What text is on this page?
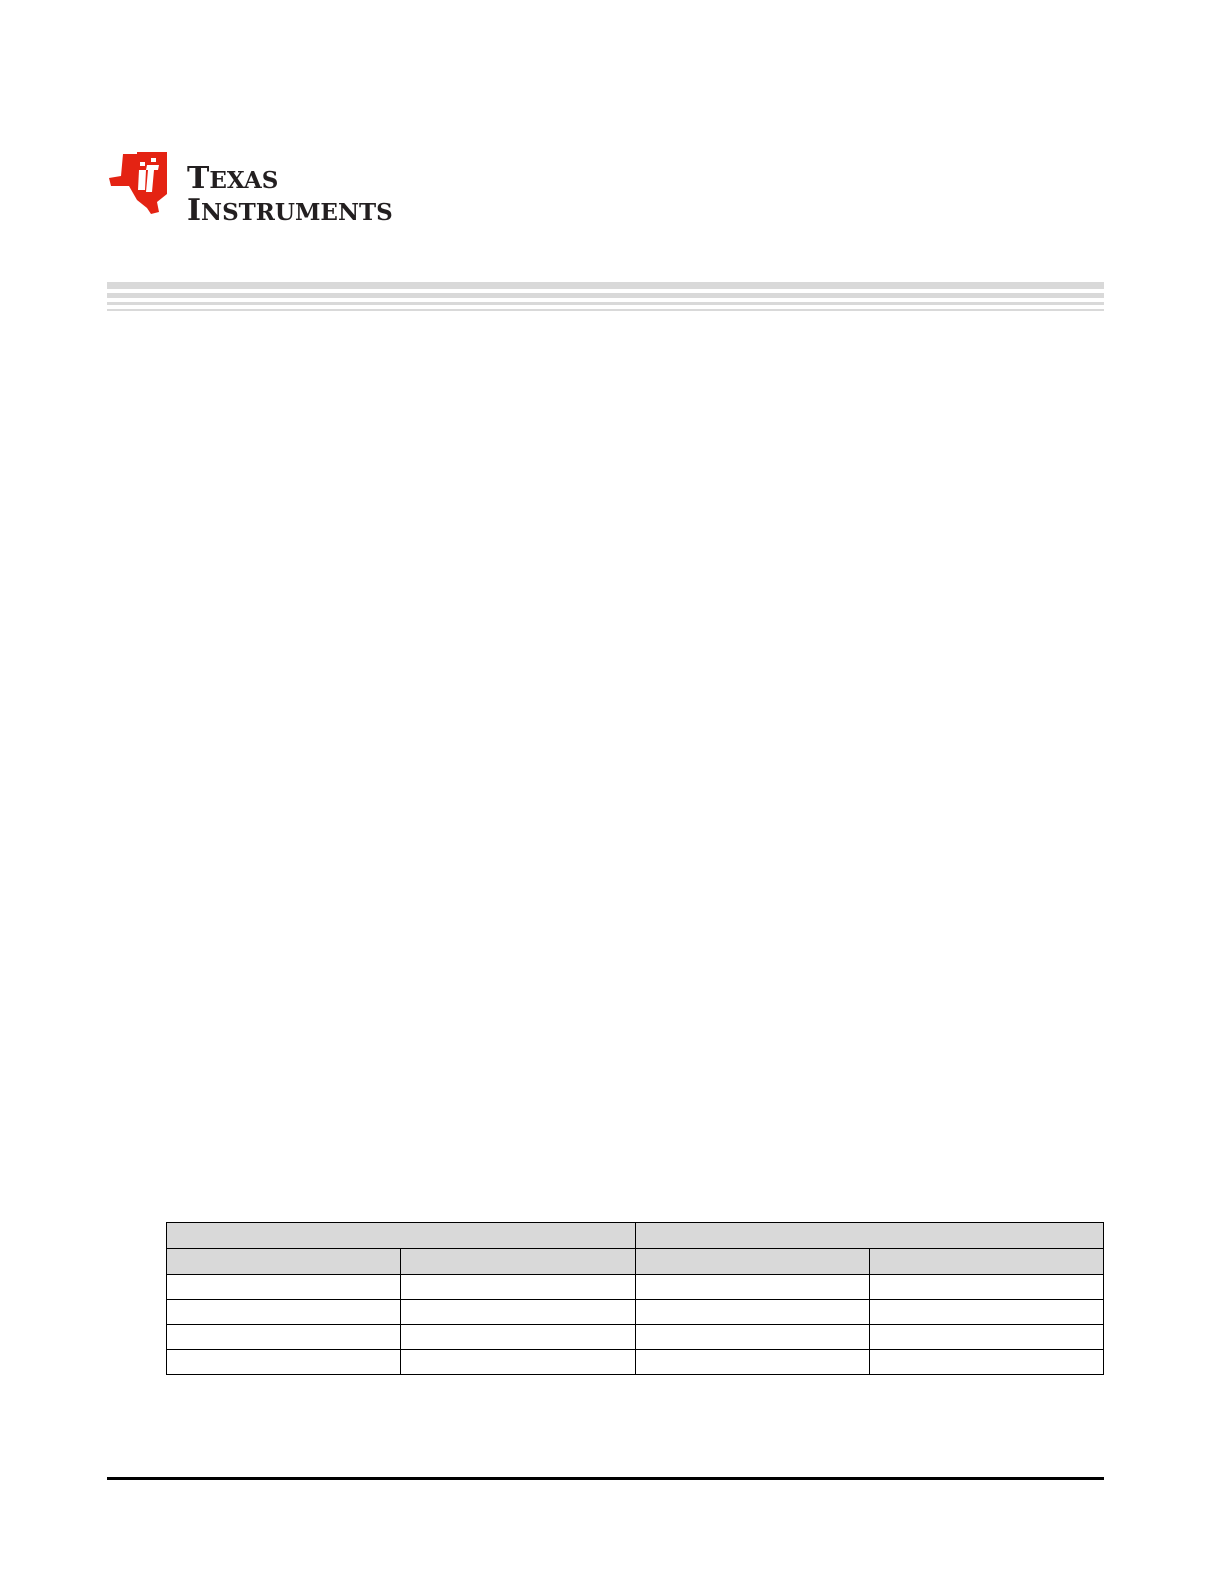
TEXAS
INSTRUMENTS
